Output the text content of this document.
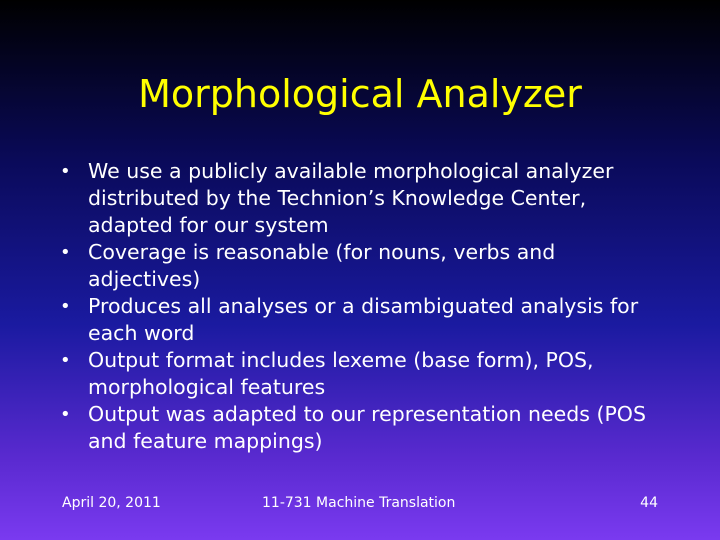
Morphological Analyzer
• We use a publicly available morphological analyzer distributed by the Technion’s Knowledge Center, adapted for our system
• Coverage is reasonable (for nouns, verbs and adjectives)
• Produces all analyses or a disambiguated analysis for each word
• Output format includes lexeme (base form), POS, morphological features
• Output was adapted to our representation needs (POS and feature mappings)
April 20, 2011	11-731 Machine Translation	44
